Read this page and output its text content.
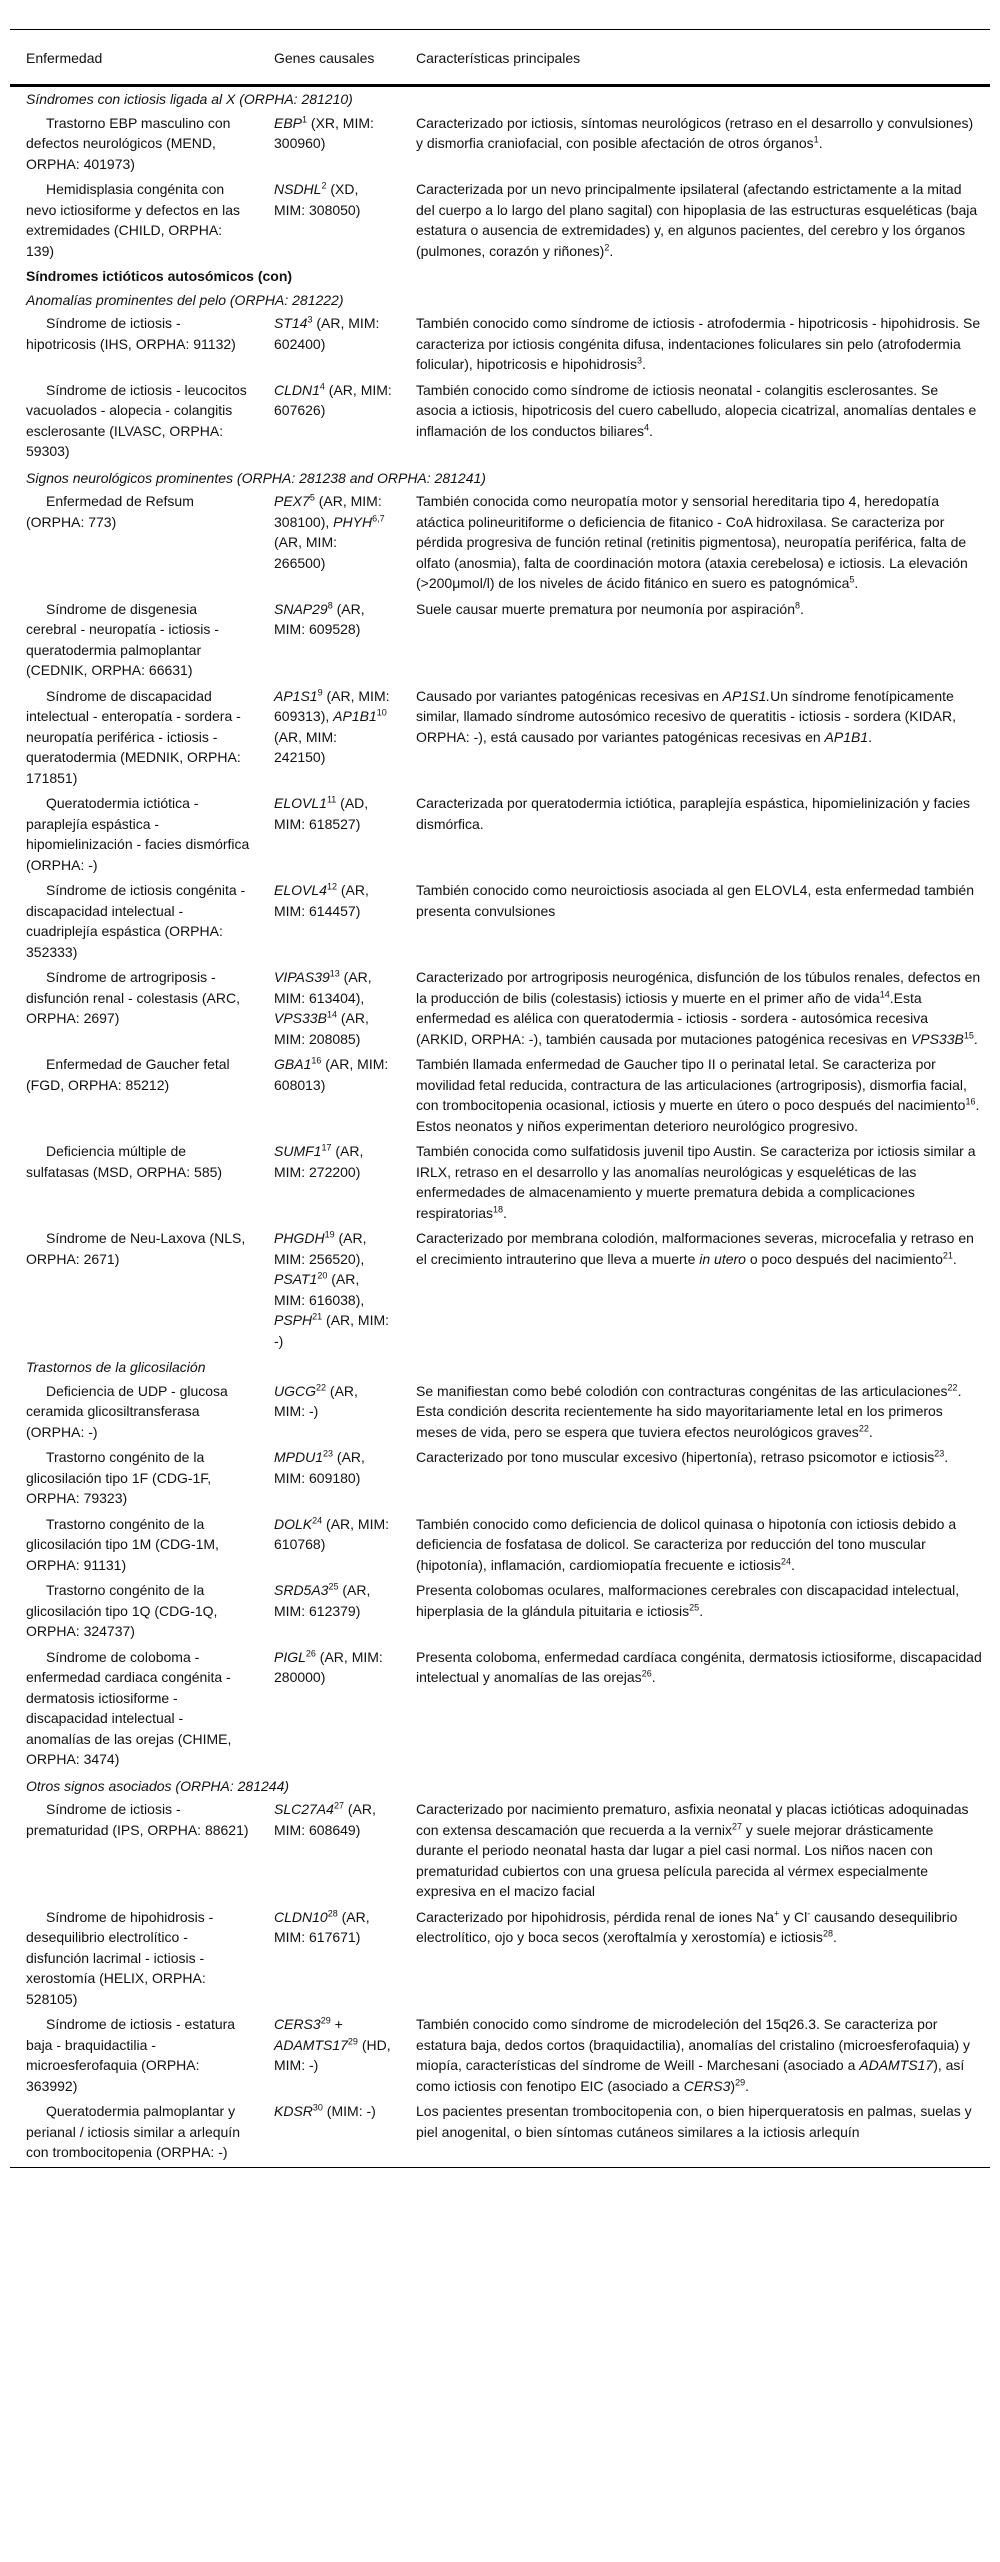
Enfermedad	Genes causales	Características principales
Síndromes con ictiosis ligada al X (ORPHA: 281210)		
Trastorno EBP masculino con defectos neurológicos (MEND, ORPHA: 401973)	EBP$^1$ (XR, MIM: 300960)	Caracterizado por ictiosis, síntomas neurológicos (retraso en el desarrollo y convulsiones) y dismorfia craniofacial, con posible afectación de otros órganos$^1$.
Hemidisplasia congénita con nevo ictiosiforme y defectos en las extremidades (CHILD, ORPHA: 139)	NSDHL$^2$ (XD, MIM: 308050)	Caracterizada por un nevo principalmente ipsilateral (afectando estrictamente a la mitad del cuerpo a lo largo del plano sagital) con hipoplasia de las estructuras esqueléticas (baja estatura o ausencia de extremidades) y, en algunos pacientes, del cerebro y los órganos (pulmones, corazón y riñones)$^2$.
Síndromes ictióticos autosómicos (con)		
Anomalías prominentes del pelo (ORPHA: 281222)		
Síndrome de ictiosis - hipotricosis (IHS, ORPHA: 91132)	$ST14^3$ (AR, MIM: 602400)	También conocido como síndrome de ictiosis - atrofodermia - hipotricosis - hipohidrosis. Se caracteriza por ictiosis congénita difusa, indentaciones foliculares sin pelo (atrofodermia folicular), hipotricosis e hipohidrosis$^3$.
Síndrome de ictiosis - leucocitos vacuolados - alopecia - colangitis esclerosante (ILVASC, ORPHA: 59303)	$CLDN1^4$ (AR, MIM: 607626)	También conocido como síndrome de ictiosis neonatal - colangitis esclerosantes. Se asocia a ictiosis, hipotricosis del cuero cabelludo, alopecia cicatrizal, anomalías dentales e inflamación de los conductos biliares$^4$.
Signos neurológicos prominentes (ORPHA: 281238 and ORPHA: 281241)		
Enfermedad de Refsum (ORPHA: 773)	$PEX7^5$ (AR, MIM: 308100), PHYH$^{6,7}$ (AR, MIM: 266500)	También conocida como neuropatía motor y sensorial hereditaria tipo 4, heredopatía atáctica polineuritiforme o deficiencia de fitanico - CoA hidroxilasa. Se caracteriza por pérdida progresiva de función retinal (retinitis pigmentosa), neuropatía periférica, falta de olfato (anosmia), falta de coordinación motora (ataxia cerebelosa) e ictiosis. La elevación (>200μmol/l) de los niveles de ácido fitánico en suero es patognómica$^5$.
Síndrome de disgenesia cerebral - neuropatía - ictiosis - queratodermia palmoplantar (CEDNIK, ORPHA: 66631)	$SNAP29^8$ (AR, MIM: 609528)	Suele causar muerte prematura por neumonía por aspiración$^8$.
Síndrome de discapacidad intelectual - enteropatía - sordera - neuropatía periférica - ictiosis - queratodermia (MEDNIK, ORPHA: 171851)	$AP1S1^9$ (AR, MIM: 609313), $AP1B1^{10}$ (AR, MIM: 242150)	Causado por variantes patogénicas recesivas en AP1S1.Un síndrome fenotípicamente similar, llamado síndrome autosómico recesivo de queratitis - ictiosis - sordera (KIDAR, ORPHA: -), está causado por variantes patogénicas recesivas en AP1B1.
Queratodermia ictiótica - paraplejía espástica - hipomielinización - facies dismórfica (ORPHA: -)	$ELOVL1^{11}$ (AD, MIM: 618527)	Caracterizada por queratodermia ictiótica, paraplejía espástica, hipomielinización y facies dismórfica.
Síndrome de ictiosis congénita - discapacidad intelectual - cuadriplejía espástica (ORPHA: 352333)	$ELOVL4^{12}$ (AR, MIM: 614457)	También conocido como neuroictiosis asociada al gen ELOVL4, esta enfermedad también presenta convulsiones
Síndrome de artrogriposis - disfunción renal - colestasis (ARC, ORPHA: 2697)	$VIPAS39^{13}$ (AR, MIM: 613404), $VPS33B^{14}$ (AR, MIM: 208085)	Caracterizado por artrogriposis neurogénica, disfunción de los túbulos renales, defectos en la producción de bilis (colestasis) ictiosis y muerte en el primer año de vida$^{14}$.Esta enfermedad es alélica con queratodermia - ictiosis - sordera - autosómica recesiva (ARKID, ORPHA: -), también causada por mutaciones patogénica recesivas en $VPS33B^{15}$.
Enfermedad de Gaucher fetal (FGD, ORPHA: 85212)	$GBA1^{16}$ (AR, MIM: 608013)	También llamada enfermedad de Gaucher tipo II o perinatal letal. Se caracteriza por movilidad fetal reducida, contractura de las articulaciones (artrogriposis), dismorfia facial, con trombocitopenia ocasional, ictiosis y muerte en útero o poco después del nacimiento$^{16}$. Estos neonatos y niños experimentan deterioro neurológico progresivo.
Deficiencia múltiple de sulfatasas (MSD, ORPHA: 585)	$SUMF1^{17}$ (AR, MIM: 272200)	También conocida como sulfatidosis juvenil tipo Austin. Se caracteriza por ictiosis similar a IRLX, retraso en el desarrollo y las anomalías neurológicas y esqueléticas de las enfermedades de almacenamiento y muerte prematura debida a complicaciones respiratorias$^{18}$.
Síndrome de Neu-Laxova (NLS, ORPHA: 2671)	PHGDH$^{19}$ (AR, MIM: 256520), $PSAT1^{20}$ (AR, MIM: 616038), PSPH$^{21}$ (AR, MIM: -)	Caracterizado por membrana colodión, malformaciones severas, microcefalia y retraso en el crecimiento intrauterino que lleva a muerte in utero o poco después del nacimiento$^{21}$.
Trastornos de la glicosilación		
Deficiencia de UDP - glucosa ceramida glicosiltransferasa (ORPHA: -)	UGCG$^{22}$ (AR, MIM: -)	Se manifiestan como bebé colodión con contracturas congénitas de las articulaciones$^{22}$. Esta condición descrita recientemente ha sido mayoritariamente letal en los primeros meses de vida, pero se espera que tuviera efectos neurológicos graves$^{22}$.
Trastorno congénito de la glicosilación tipo 1F (CDG-1F, ORPHA: 79323)	$MPDU1^{23}$ (AR, MIM: 609180)	Caracterizado por tono muscular excesivo (hipertonía), retraso psicomotor e ictiosis$^{23}$.
Trastorno congénito de la glicosilación tipo 1M (CDG-1M, ORPHA: 91131)	DOLK$^{24}$ (AR, MIM: 610768)	También conocido como deficiencia de dolicol quinasa o hipotonía con ictiosis debido a deficiencia de fosfatasa de dolicol. Se caracteriza por reducción del tono muscular (hipotonía), inflamación, cardiomiopatía frecuente e ictiosis$^{24}$.
Trastorno congénito de la glicosilación tipo 1Q (CDG-1Q, ORPHA: 324737)	$SRD5A3^{25}$ (AR, MIM: 612379)	Presenta colobomas oculares, malformaciones cerebrales con discapacidad intelectual, hiperplasia de la glándula pituitaria e ictiosis$^{25}$.
Síndrome de coloboma - enfermedad cardiaca congénita - dermatosis ictiosiforme - discapacidad intelectual - anomalías de las orejas (CHIME, ORPHA: 3474)	PIGL$^{26}$ (AR, MIM: 280000)	Presenta coloboma, enfermedad cardíaca congénita, dermatosis ictiosiforme, discapacidad intelectual y anomalías de las orejas$^{26}$.
Otros signos asociados (ORPHA: 281244)		
Síndrome de ictiosis - prematuridad (IPS, ORPHA: 88621)	$SLC27A4^{27}$ (AR, MIM: 608649)	Caracterizado por nacimiento prematuro, asfixia neonatal y placas ictióticas adoquinadas con extensa descamación que recuerda a la vernix$^{27}$ y suele mejorar drásticamente durante el periodo neonatal hasta dar lugar a piel casi normal. Los niños nacen con prematuridad cubiertos con una gruesa película parecida al vérmex especialmente expresiva en el macizo facial
Síndrome de hipohidrosis - desequilibrio electrolítico - disfunción lacrimal - ictiosis - xerostomía (HELIX, ORPHA: 528105)	$CLDN10^{28}$ (AR, MIM: 617671)	Caracterizado por hipohidrosis, pérdida renal de iones Na+ y Cl- causando desequilibrio electrolítico, ojo y boca secos (xeroftalmía y xerostomía) e ictiosis$^{28}$.
Síndrome de ictiosis - estatura baja - braquidactilia - microesferofaquia (ORPHA: 363992)	$CERS3^{29}$ + $ADAMTS17^{29}$ (HD, MIM: -)	También conocido como síndrome de microdeleción del 15q26.3. Se caracteriza por estatura baja, dedos cortos (braquidactilia), anomalías del cristalino (microesferofaquia) y miopía, características del síndrome de Weill - Marchesani (asociado a ADAMTS17), así como ictiosis con fenotipo EIC (asociado a CERS3)$^{29}$.
Queratodermia palmoplantar y perianal / ictiosis similar a arlequín con trombocitopenia (ORPHA: -)	KDSR$^{30}$ (MIM: -)	Los pacientes presentan trombocitopenia con, o bien hiperqueratosis en palmas, suelas y piel anogenital, o bien síntomas cutáneos similares a la ictiosis arlequín
